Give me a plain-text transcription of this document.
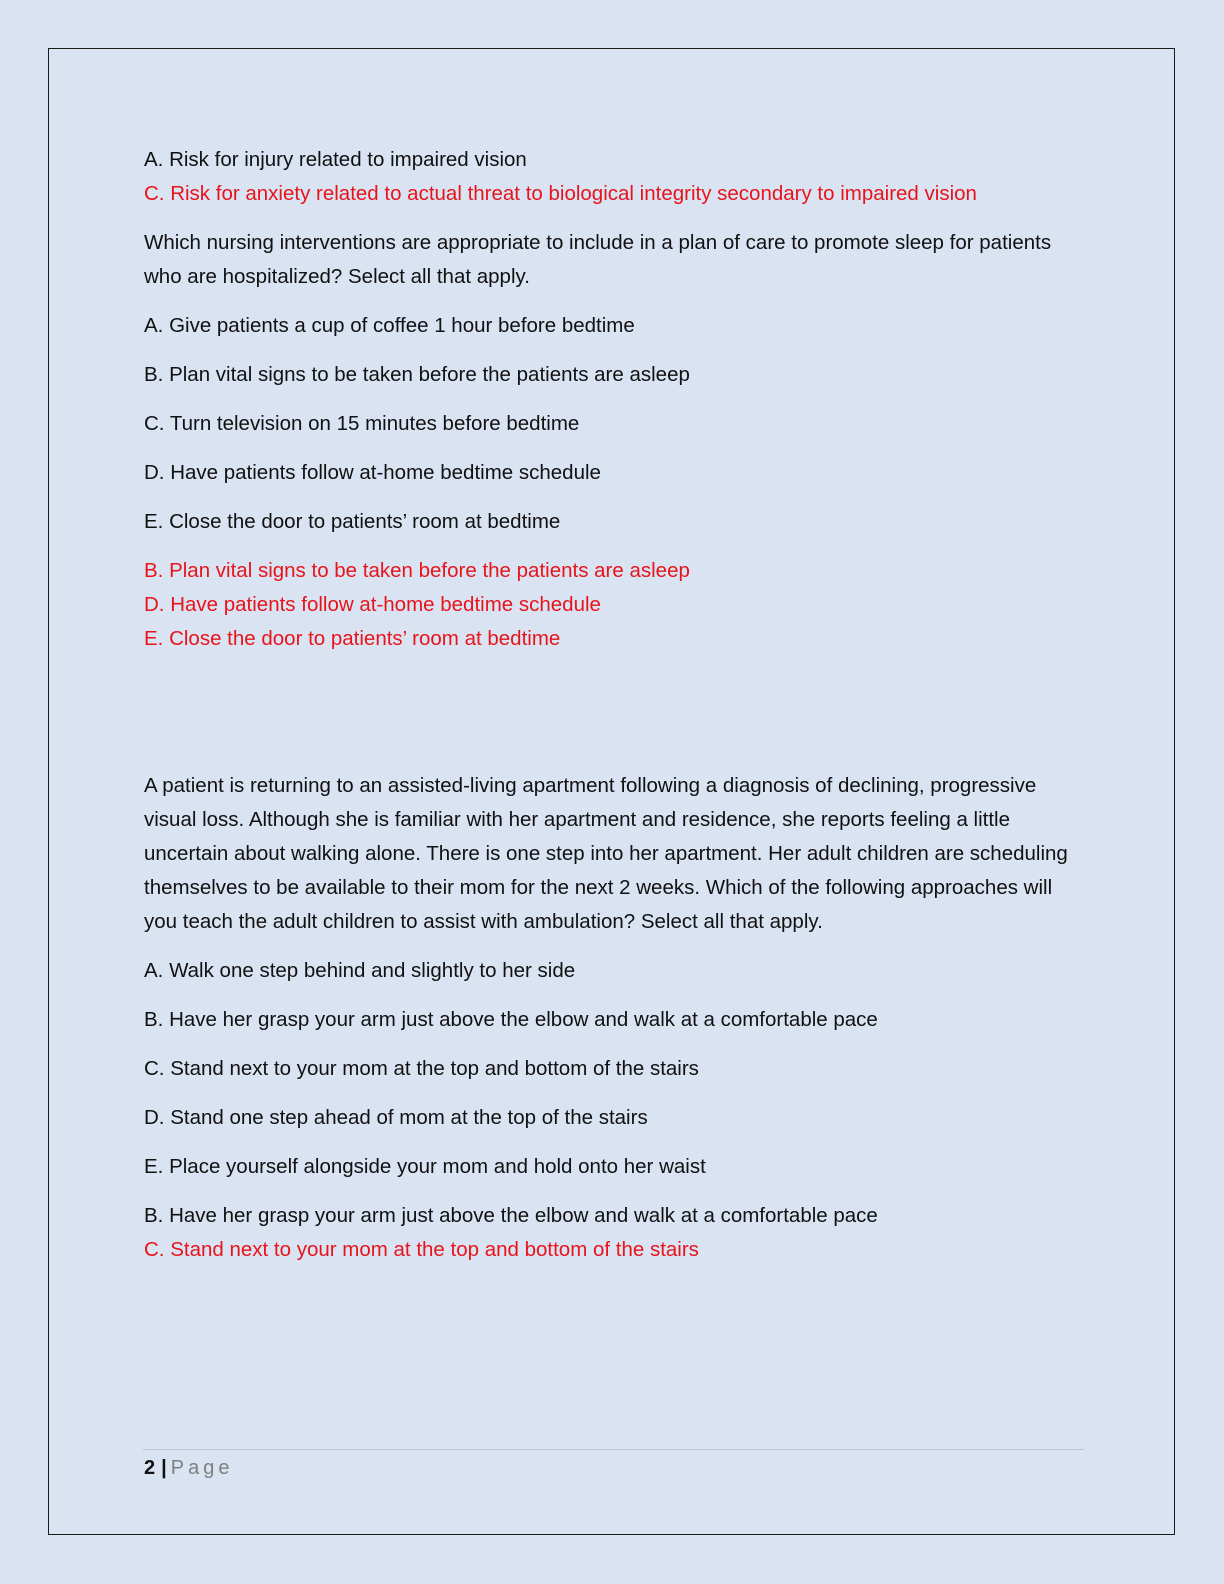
A. Risk for injury related to impaired vision

C. Risk for anxiety related to actual threat to biological integrity secondary to impaired vision

Which nursing interventions are appropriate to include in a plan of care to promote sleep for patients who are hospitalized? Select all that apply.

A. Give patients a cup of coffee 1 hour before bedtime

B. Plan vital signs to be taken before the patients are asleep

C. Turn television on 15 minutes before bedtime

D. Have patients follow at-home bedtime schedule

E. Close the door to patients’ room at bedtime

B. Plan vital signs to be taken before the patients are asleep

D. Have patients follow at-home bedtime schedule

E. Close the door to patients’ room at bedtime

A patient is returning to an assisted-living apartment following a diagnosis of declining, progressive visual loss. Although she is familiar with her apartment and residence, she reports feeling a little uncertain about walking alone. There is one step into her apartment. Her adult children are scheduling themselves to be available to their mom for the next 2 weeks. Which of the following approaches will you teach the adult children to assist with ambulation? Select all that apply.

A. Walk one step behind and slightly to her side

B. Have her grasp your arm just above the elbow and walk at a comfortable pace

C. Stand next to your mom at the top and bottom of the stairs

D. Stand one step ahead of mom at the top of the stairs

E. Place yourself alongside your mom and hold onto her waist

B. Have her grasp your arm just above the elbow and walk at a comfortable pace

C. Stand next to your mom at the top and bottom of the stairs

2 | Page
